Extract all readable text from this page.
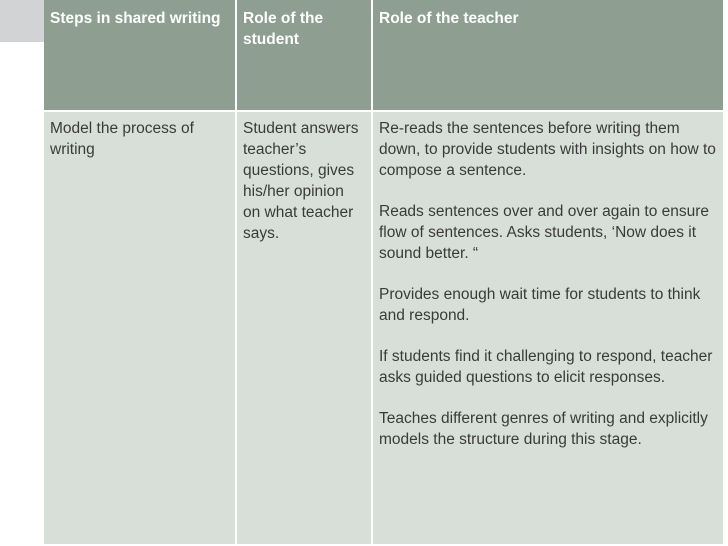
Steps in shared writing	Role of the student	Role of the teacher
Model the process of writing	Student answers teacher’s questions, gives his/her opinion on what teacher says.	Re-reads the sentences before writing them down, to provide students with insights on how to compose a sentence.

Reads sentences over and over again to ensure flow of sentences. Asks students, ‘Now does it sound better. “

Provides enough wait time for students to think and respond.

If students find it challenging to respond, teacher asks guided questions to elicit responses.

Teaches different genres of writing and explicitly models the structure during this stage.
